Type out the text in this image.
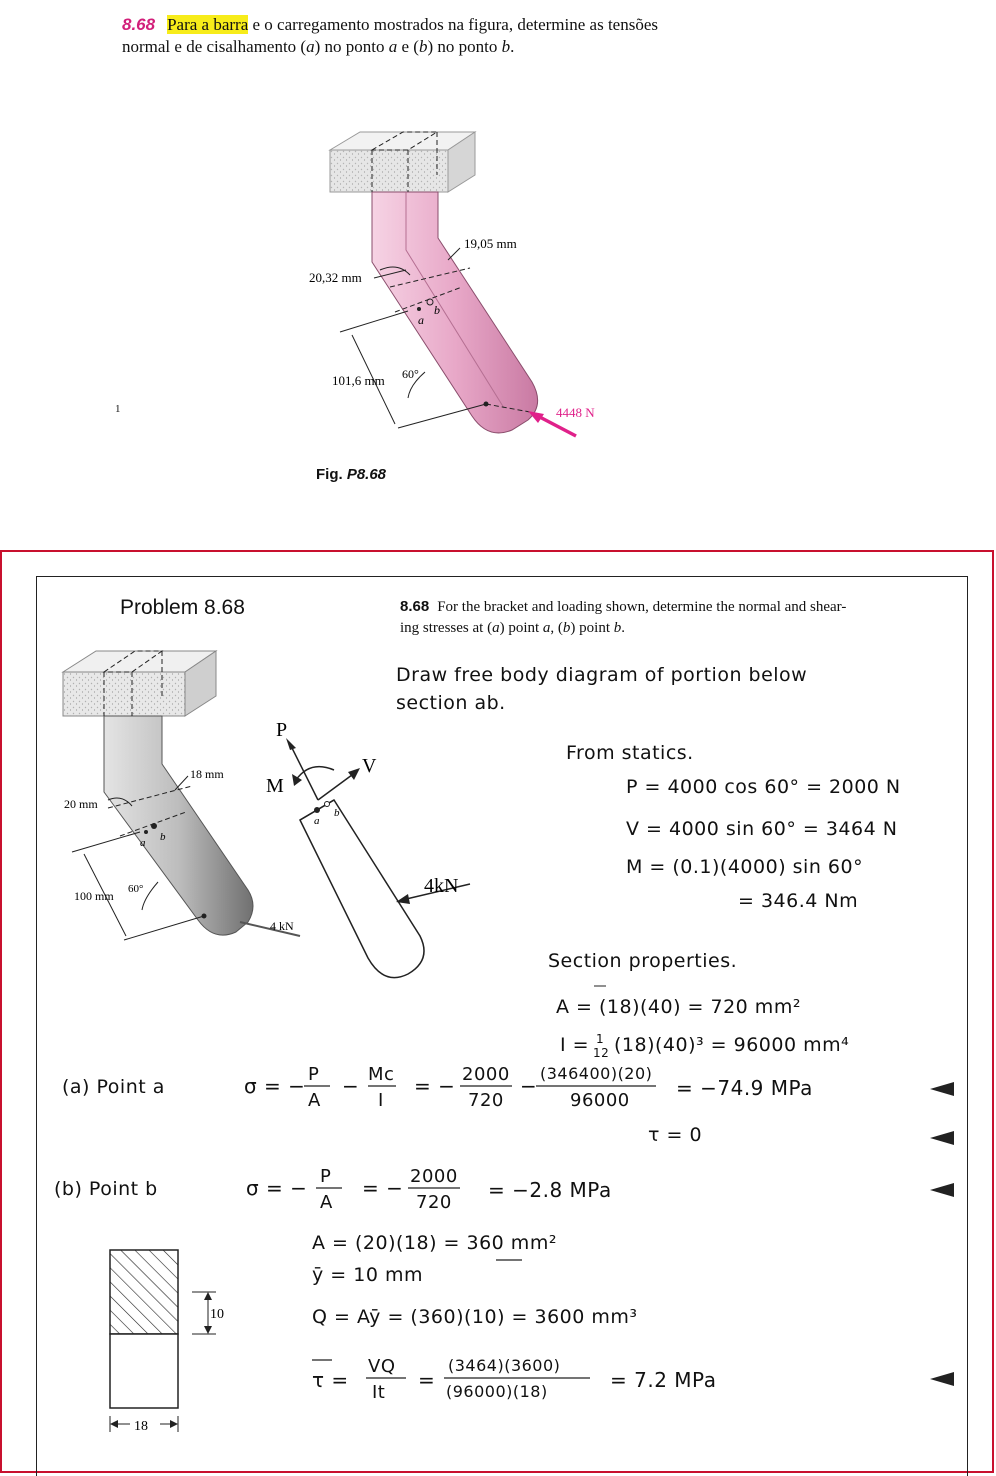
8.68 Para a barra e o carregamento mostrados na figura, determine as tensões
normal e de cisalhamento (a) no ponto a e (b) no ponto b.
19,05 mm
20,32 mm
101,6 mm 60°
4448 N
a
b
1
Fig. P8.68
Problem 8.68	8.68 For the bracket and loading shown, determine the normal and shear-
ing stresses at (a) point a, (b) point b.
18 mm
20 mm
100 mm 60°
4 kN
a b
P
M
V
a
b
4kN
10
18
Draw free body diagram of portion below
section ab.
From statics.
P = 4000 cos 60° = 2000 N
V = 4000 sin 60° = 3464 N
M = (0.1)(4000) sin 60°
= 346.4 Nm
Section properties.
A = (18)(40) = 720 mm²
I = 1
12 (18)(40)³ = 96000 mm⁴
(a) Point a	σ = − P
A
− Mc
I
= − 2000
720
−
(346400)(20)
96000
= −74.9 MPa
τ = 0
(b) Point b	σ = − P
A
= − 2000
720
= −2.8 MPa
A = (20)(18) = 360 mm²
ȳ = 10 mm
Q = Aȳ = (360)(10) = 3600 mm³
τ =
VQ
It
=
(3464)(3600)
(96000)(18)	= 7.2 MPa
